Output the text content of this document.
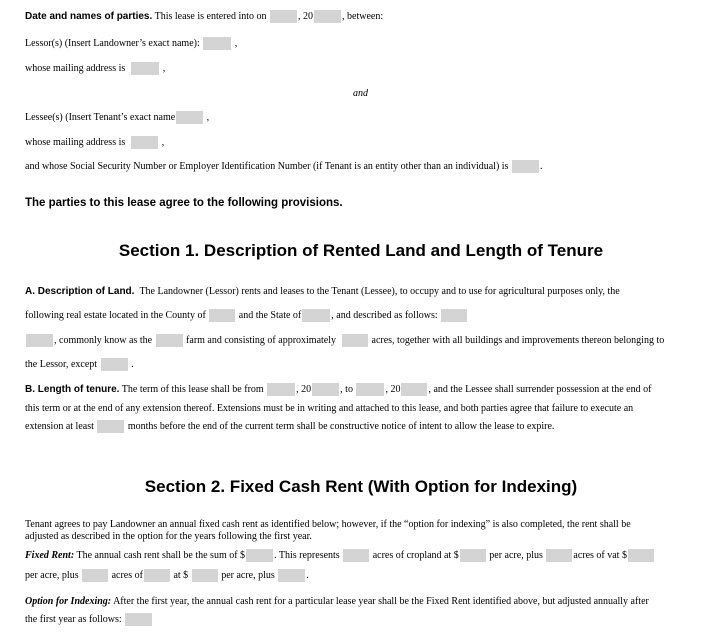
Date and names of parties. This lease is entered into on	, 20	, between:
Lessor(s) (Insert Landowner’s exact name):	,
whose mailing address is	,
and
Lessee(s) (Insert Tenant’s exact name	,
whose mailing address is	,
and whose Social Security Number or Employer Identification Number (if Tenant is an entity other than an individual) is	.
The parties to this lease agree to the following provisions.
Section 1. Description of Rented Land and Length of Tenure
A. Description of Land. The Landowner (Lessor) rents and leases to the Tenant (Lessee), to occupy and to use for agricultural purposes only, the
following real estate located in the County of	and the State of	, and described as follows:
, commonly know as the	farm and consisting of approximately	acres, together with all buildings and improvements thereon belonging to
the Lessor, except	.
B. Length of tenure. The term of this lease shall be from	, 20	, to	, 20	, and the Lessee shall surrender possession at the end of
this term or at the end of any extension thereof. Extensions must be in writing and attached to this lease, and both parties agree that failure to execute an
extension at least	months before the end of the current term shall be constructive notice of intent to allow the lease to expire.
Section 2. Fixed Cash Rent (With Option for Indexing)
Tenant agrees to pay Landowner an annual fixed cash rent as identified below; however, if the “option for indexing” is also completed, the rent shall be
adjusted as described in the option for the years following the first year.
Fixed Rent: The annual cash rent shall be the sum of $	. This represents	acres of cropland at $	per acre, plus	acres of vat $
per acre, plus	acres of	at $	per acre, plus	.
Option for Indexing: After the first year, the annual cash rent for a particular lease year shall be the Fixed Rent identified above, but adjusted annually after
the first year as follows:
